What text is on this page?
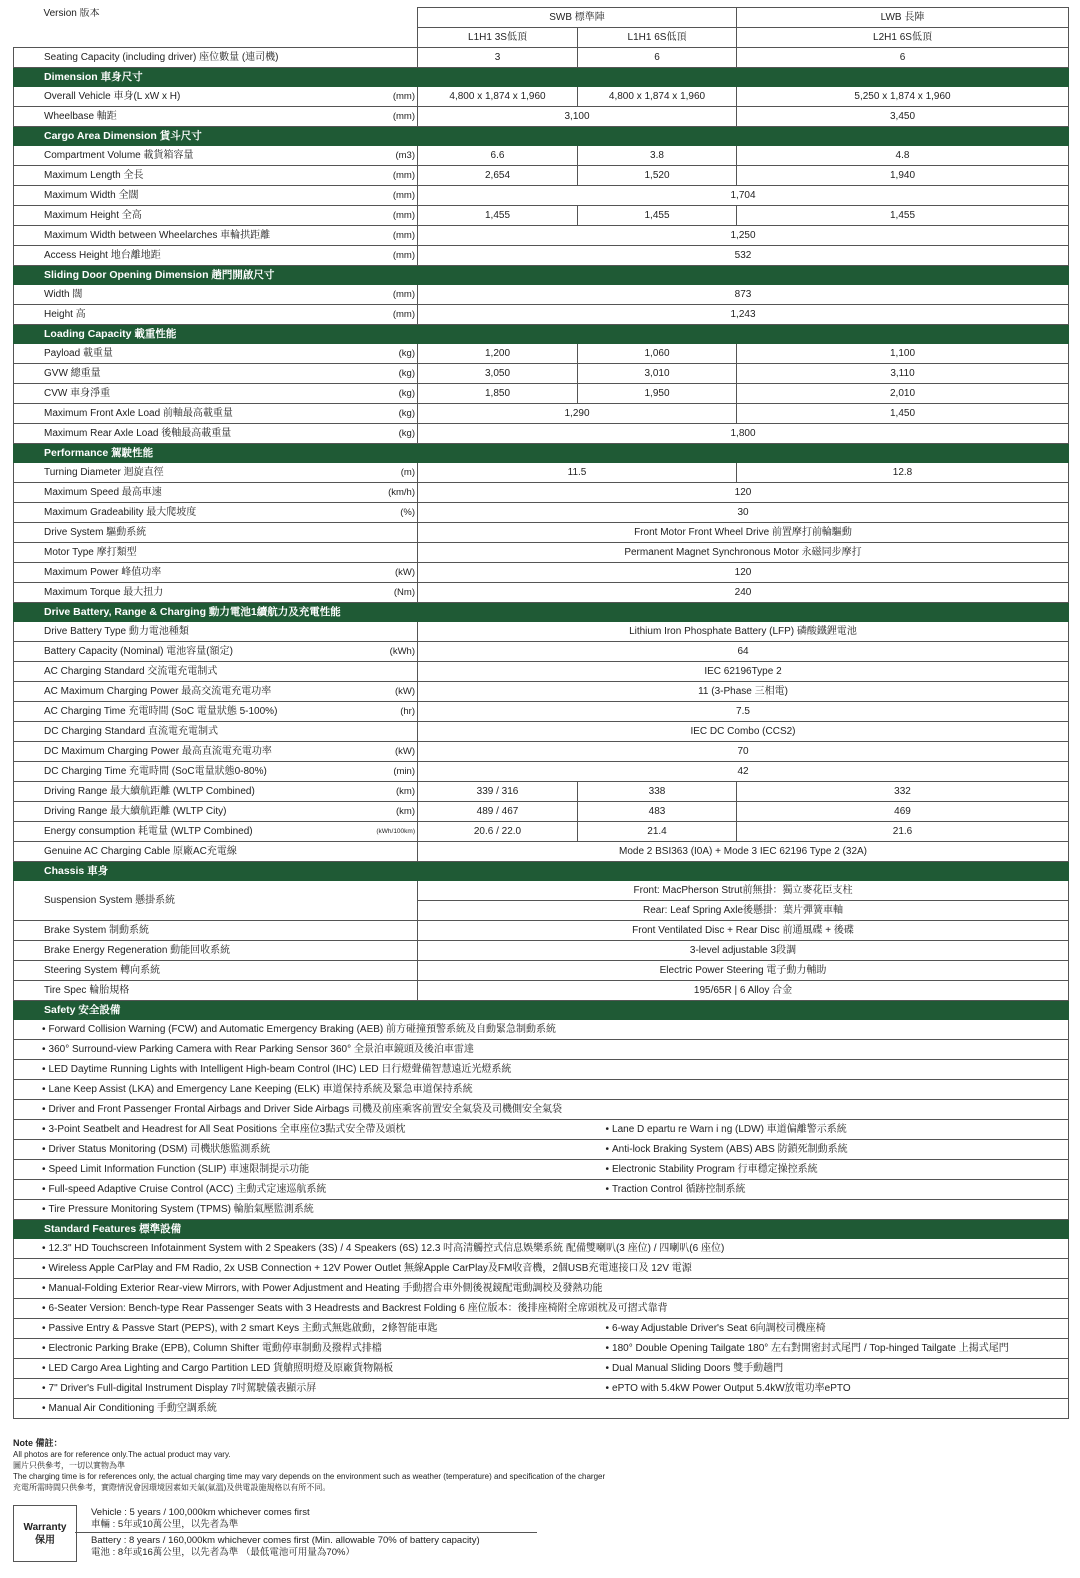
Version 版本	SWB 標準陣		LWB 長陣
	L1H1 3S低頂	L1H1 6S低頂	L2H1 6S低頂
Seating Capacity (including driver) 座位數量 (連司機)	3	6	6
Dimension 車身尺寸			
Overall Vehicle 車身(L xW x H) (mm)	4,800 x 1,874 x 1,960	4,800 x 1,874 x 1,960	5,250 x 1,874 x 1,960
Wheelbase 軸距 (mm)	3,100		3,450
Cargo Area Dimension 貨斗尺寸			
Compartment Volume 載貨箱容量 (m3)	6.6	3.8	4.8
Maximum Length 全長 (mm)	2,654	1,520	1,940
Maximum Width 全闊 (mm)	1,704		
Maximum Height 全高 (mm)	1,455	1,455	1,455
Maximum Width between Wheelarches 車輪拱距離 (mm)	1,250		
Access Height 地台離地距 (mm)	532		
Sliding Door Opening Dimension 趟門開啟尺寸			
Width 闊 (mm)	873		
Height 高 (mm)	1,243		
Loading Capacity 載重性能			
Payload 載重量 (kg)	1,200	1,060	1,100
GVW 總重量 (kg)	3,050	3,010	3,110
CVW 車身淨重 (kg)	1,850	1,950	2,010
Maximum Front Axle Load 前軸最高載重量 (kg)	1,290		1,450
Maximum Rear Axle Load 後軸最高載重量 (kg)	1,800		
Performance 駕駛性能			
Turning Diameter 迴旋直徑 (m)	11.5		12.8
Maximum Speed 最高車速 (km/h)	120		
Maximum Gradeability 最大爬坡度 (%)	30		
Drive System 驅動系統	Front Motor Front Wheel Drive 前置摩打前輪驅動		
Motor Type 摩打類型	Permanent Magnet Synchronous Motor 永磁同步摩打		
Maximum Power 峰值功率 (kW)	120		
Maximum Torque 最大扭力 (Nm)	240		
Drive Battery, Range & Charging 動力電池1續航力及充電性能			
Drive Battery Type 動力電池種類	Lithium Iron Phosphate Battery (LFP) 磷酸鐵鋰電池		
Battery Capacity (Nominal) 電池容量(額定) (kWh)	64		
AC Charging Standard 交流電充電制式	IEC 62196Type 2		
AC Maximum Charging Power 最高交流電充電功率 (kW)	11 (3-Phase 三相電)		
AC Charging Time 充電時間 (SoC 電量狀態 5-100%) (hr)	7.5		
DC Charging Standard 直流電充電制式	IEC DC Combo (CCS2)		
DC Maximum Charging Power 最高直流電充電功率 (kW)	70		
DC Charging Time 充電時間 (SoC電量狀態0-80%) (min)	42		
Driving Range 最大續航距離 (WLTP Combined) (km)	339 / 316	338	332
Driving Range 最大續航距離 (WLTP City) (km)	489 / 467	483	469
Energy consumption 耗電量 (WLTP Combined) (kWh/100km)	20.6 / 22.0	21.4	21.6
Genuine AC Charging Cable 原廠AC充電線	Mode 2 BSI363 (I0A) + Mode 3 IEC 62196 Type 2 (32A)		
Chassis 車身			
Suspension System 懸掛系統	Front: MacPherson Strut前無掛：獨立麥花臣支柱		
	Rear: Leaf Spring Axle後懸掛：葉片彈簧車軸		
Brake System 制動系統	Front Ventilated Disc + Rear Disc 前通風碟 + 後碟		
Brake Energy Regeneration 動能回收系統	3-level adjustable 3段調		
Steering System 轉向系統	Electric Power Steering 電子動力輔助		
Tire Spec 輪胎規格	195/65R | 6 Alloy 合金		
Safety 安全設備			
• Forward Collision Warning (FCW) and Automatic Emergency Braking (AEB) 前方碰撞預警系統及自動緊急制動系統
• 360° Surround-view Parking Camera with Rear Parking Sensor 360° 全景泊車鏡頭及後泊車雷達
• LED Daytime Running Lights with Intelligent High-beam Control (IHC) LED 日行燈聲備智慧遠近光燈系統
• Lane Keep Assist (LKA) and Emergency Lane Keeping (ELK) 車道保持系統及緊急車道保持系統
• Driver and Front Passenger Frontal Airbags and Driver Side Airbags 司機及前座乘客前置安全氣袋及司機側安全氣袋
• 3-Point Seatbelt and Headrest for All Seat Positions 全車座位3點式安全帶及頭枕		• Lane D epartu re Warn i ng (LDW) 車道偏離警示系統
• Driver Status Monitoring (DSM) 司機狀態監測系統		• Anti-lock Braking System (ABS) ABS 防鎖死制動系統
• Speed Limit Information Function (SLIP) 車速限制提示功能		• Electronic Stability Program 行車穩定操控系統
• Full-speed Adaptive Cruise Control (ACC) 主動式定速巡航系統		• Traction Control 循跡控制系統
• Tire Pressure Monitoring System (TPMS) 輪胎氣壓監測系統	
Standard Features 標準設備			
• 12.3" HD Touchscreen Infotainment System with 2 Speakers (3S) / 4 Speakers (6S) 12.3 吋高清觸控式信息娛樂系統 配備雙喇叭(3 座位) / 四喇叭(6 座位)
• Wireless Apple CarPlay and FM Radio, 2x USB Connection + 12V Power Outlet 無線Apple CarPlay及FM收音機，2個USB充電連接口及 12V 電源
• Manual-Folding Exterior Rear-view Mirrors, with Power Adjustment and Heating 手動摺合車外側後視鏡配電動調校及發熱功能
• 6-Seater Version: Bench-type Rear Passenger Seats with 3 Headrests and Backrest Folding 6 座位版本：後排座椅附全席頭枕及可摺式靠背
• Passive Entry & Passve Start (PEPS), with 2 smart Keys 主動式無匙啟動，2條智能車匙		• 6-way Adjustable Driver's Seat 6向調校司機座椅
• Electronic Parking Brake (EPB), Column Shifter 電動停車制動及撥桿式排檔		• 180° Double Opening Tailgate 180° 左右對開密封式尾門 / Top-hinged Tailgate 上揭式尾門
• LED Cargo Area Lighting and Cargo Partition LED 貨艙照明燈及原廠貨物隔板		• Dual Manual Sliding Doors 雙手動趟門
• 7" Driver's Full-digital Instrument Display 7吋駕駛儀表顯示屏		• ePTO with 5.4kW Power Output 5.4kW放電功率ePTO
• Manual Air Conditioning 手動空調系統	
Note 備註：
All photos are for reference only.The actual product may vary.
圖片只供參考，一切以實物為準
The charging time is for references only, the actual charging time may vary depends on the environment such as weather (temperature) and specification of the charger
充電所需時間只供參考，實際情況會因環境因素如天氣(氣溫)及供電設施規格以有所不同。
Warranty
保用
Vehicle : 5 years / 100,000km whichever comes first
車輛 : 5年或10萬公里，以先者為準
Battery : 8 years / 160,000km whichever comes first (Min. allowable 70% of battery capacity)
電池 : 8年或16萬公里，以先者為準 （最低電池可用量為70%）
